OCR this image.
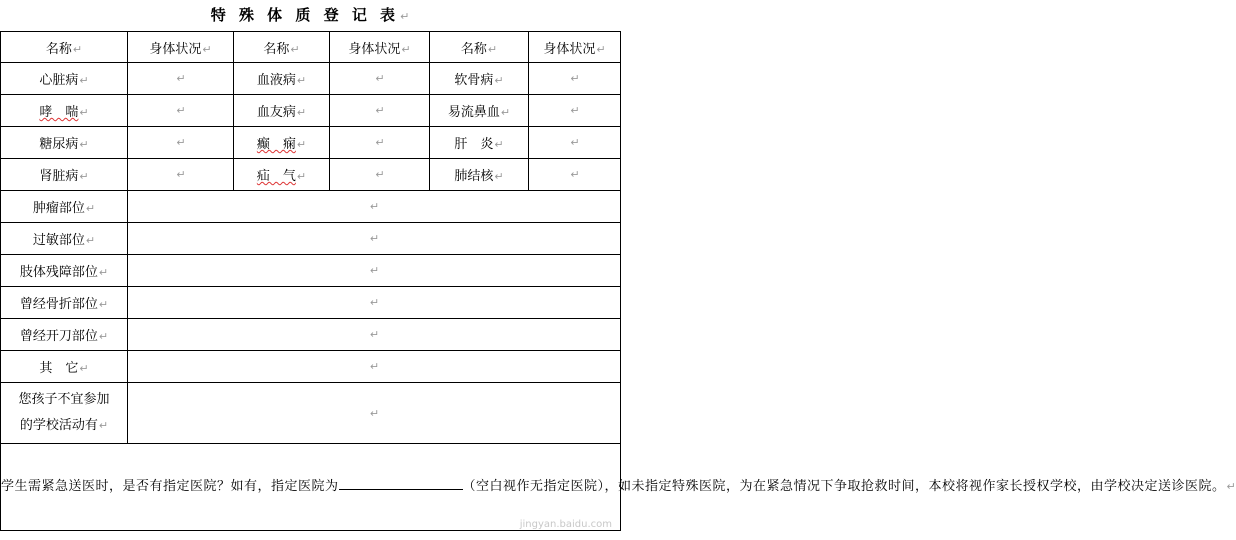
特 殊 体 质 登 记 表↵
名称↵	身体状况↵	名称↵	身体状况↵	名称↵	身体状况↵
心脏病↵	↵	血液病↵	↵	软骨病↵	↵
哮　喘↵	↵	血友病↵	↵	易流鼻血↵	↵
糖尿病↵	↵	癫　痫↵	↵	肝　炎↵	↵
肾脏病↵	↵	疝　气↵	↵	肺结核↵	↵
肿瘤部位↵	↵				
过敏部位↵	↵				
肢体残障部位↵	↵				
曾经骨折部位↵	↵				
曾经开刀部位↵	↵				
其　它↵	↵				
您孩子不宜参加
的学校活动有↵	↵				
学生需紧急送医时，是否有指定医院？如有，指定医院为 （空白视作无指定医院），如未指定特殊医院，为在紧急情况下争取抢救时间，本校将视作家长授权学校，由学校决定送诊医院。↵					
jingyan.baidu.com
